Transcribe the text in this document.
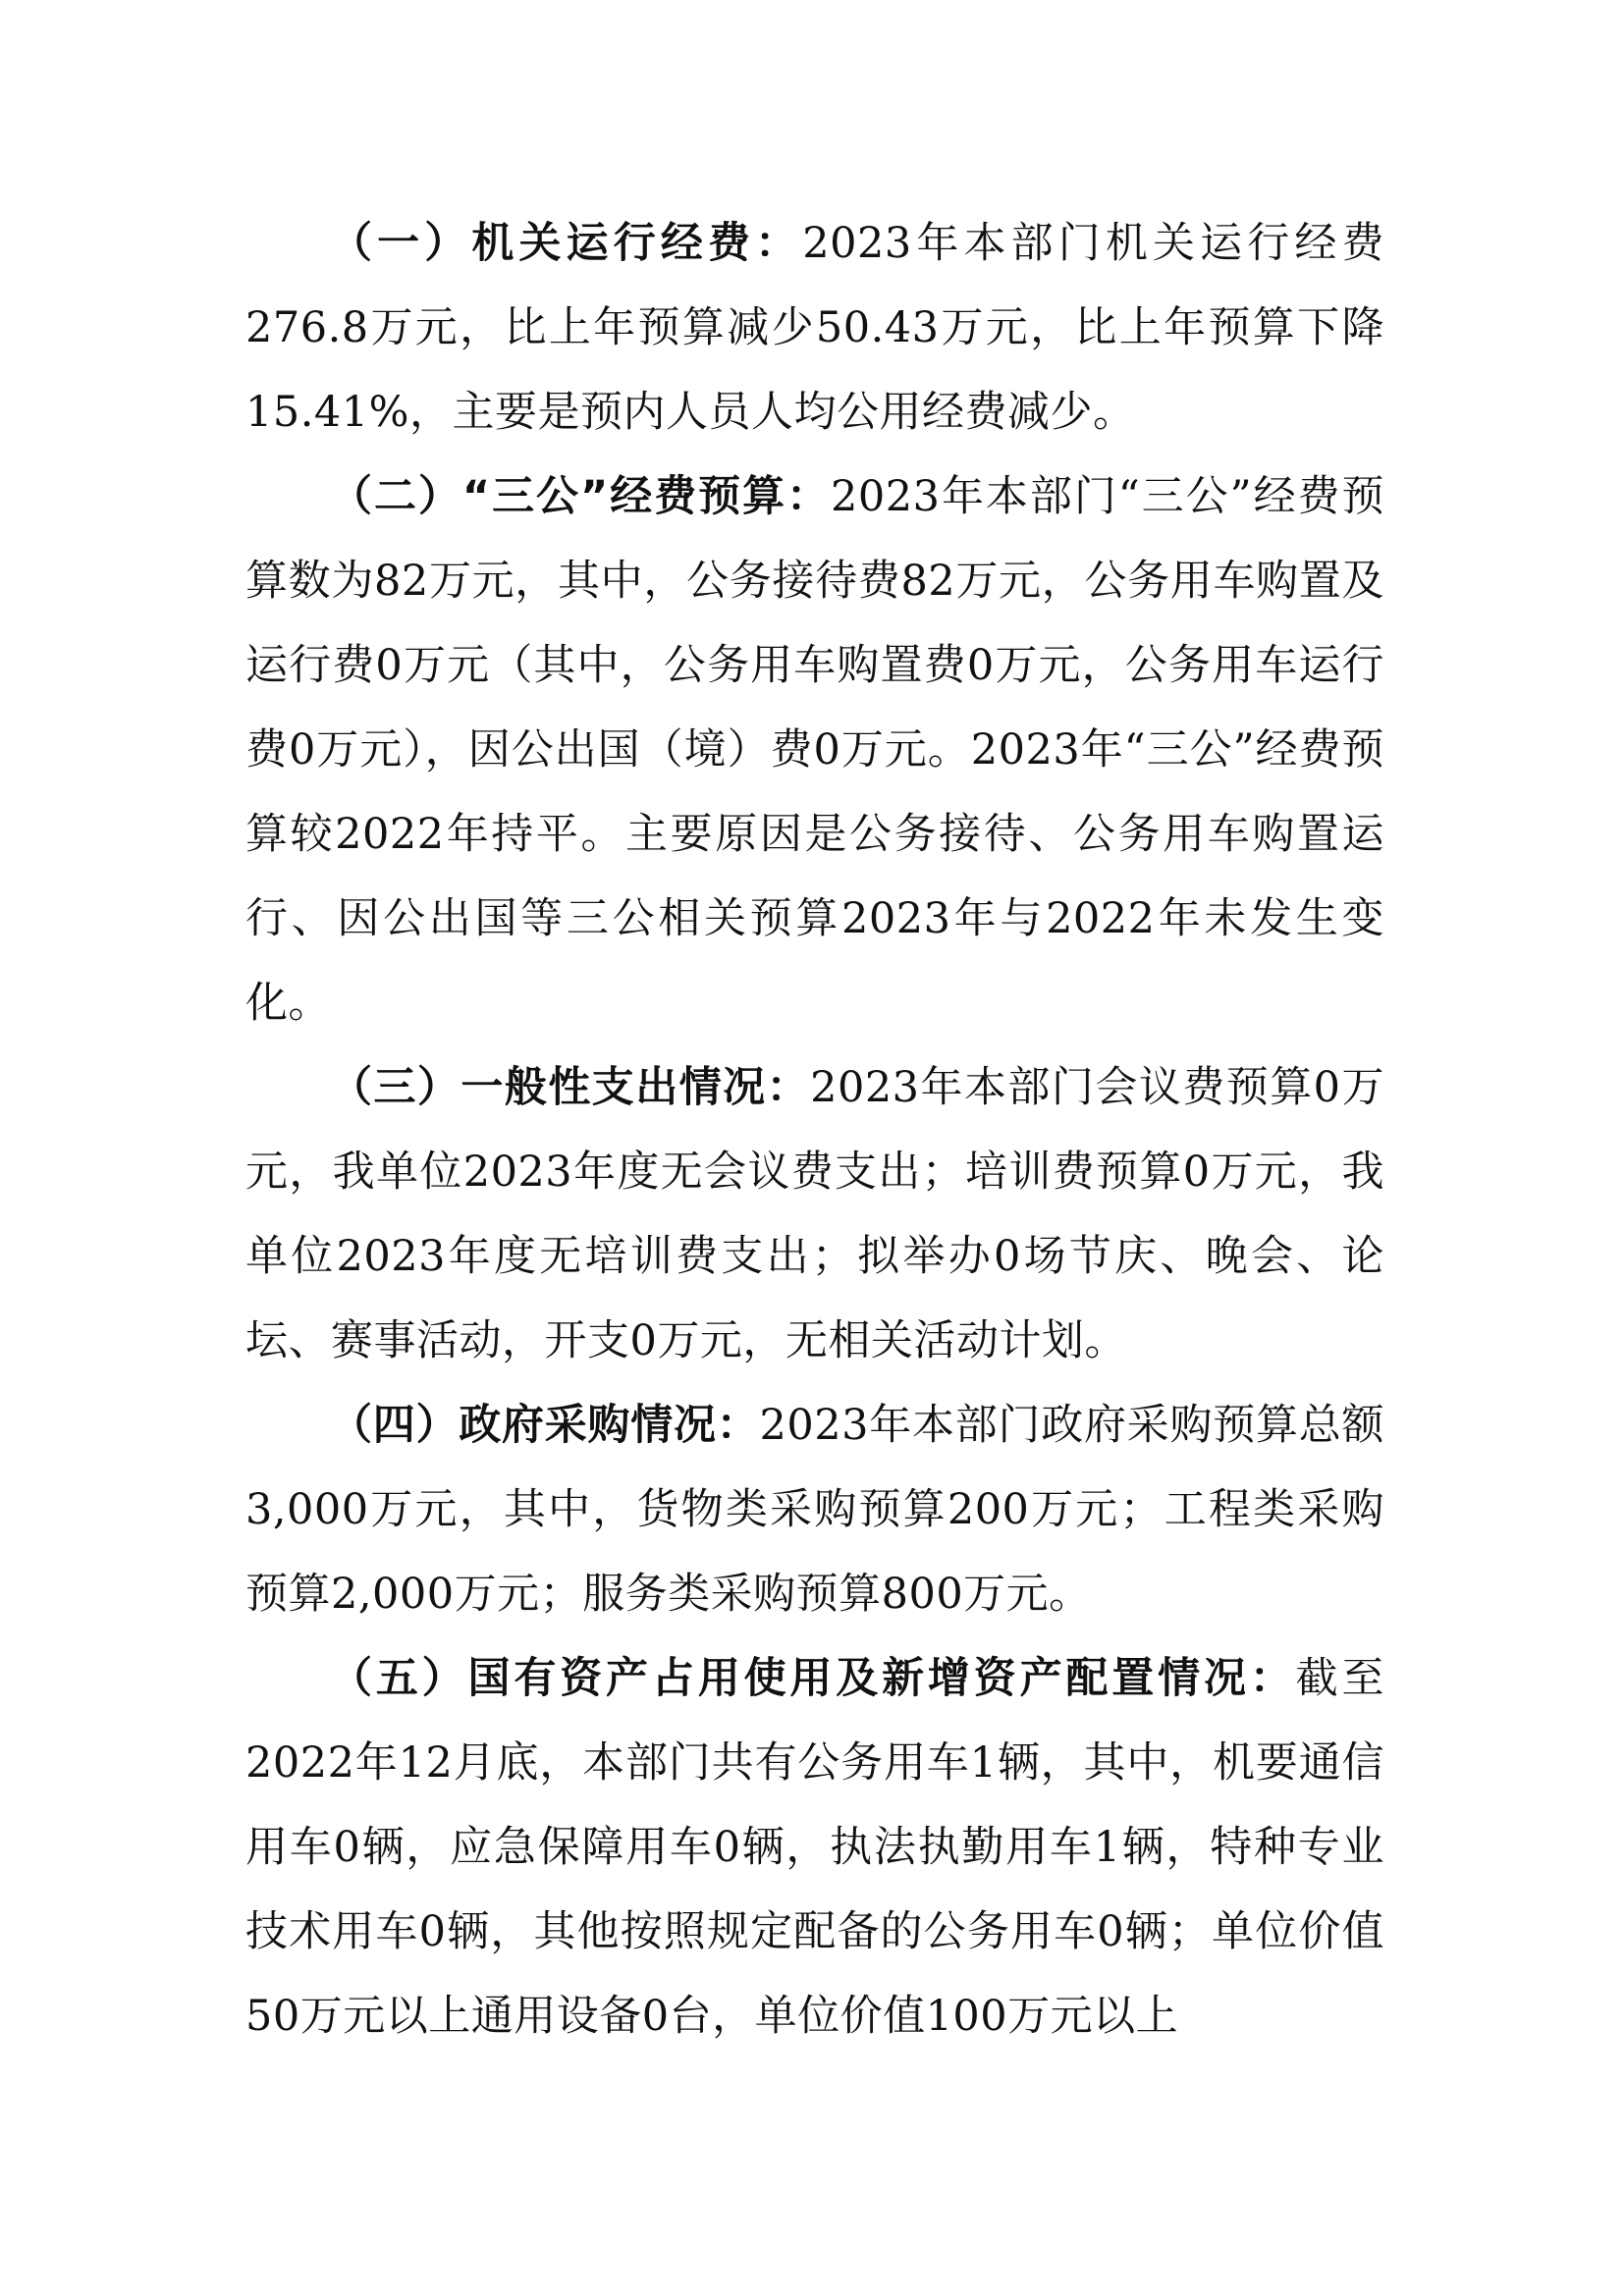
（一）机关运行经费：2023年本部门机关运行经费276.8万元，比上年预算减少50.43万元，比上年预算下降15.41%，主要是预内人员人均公用经费减少。

（二）“三公”经费预算：2023年本部门“三公”经费预算数为82万元，其中，公务接待费82万元，公务用车购置及运行费0万元（其中，公务用车购置费0万元，公务用车运行费0万元），因公出国（境）费0万元。2023年“三公”经费预算较2022年持平。主要原因是公务接待、公务用车购置运行、因公出国等三公相关预算2023年与2022年未发生变化。

（三）一般性支出情况：2023年本部门会议费预算0万元，我单位2023年度无会议费支出；培训费预算0万元，我单位2023年度无培训费支出；拟举办0场节庆、晚会、论坛、赛事活动，开支0万元，无相关活动计划。

（四）政府采购情况：2023年本部门政府采购预算总额3,000万元，其中，货物类采购预算200万元；工程类采购预算2,000万元；服务类采购预算800万元。

（五）国有资产占用使用及新增资产配置情况：截至2022年12月底，本部门共有公务用车1辆，其中，机要通信用车0辆，应急保障用车0辆，执法执勤用车1辆，特种专业技术用车0辆，其他按照规定配备的公务用车0辆；单位价值50万元以上通用设备0台，单位价值100万元以上
